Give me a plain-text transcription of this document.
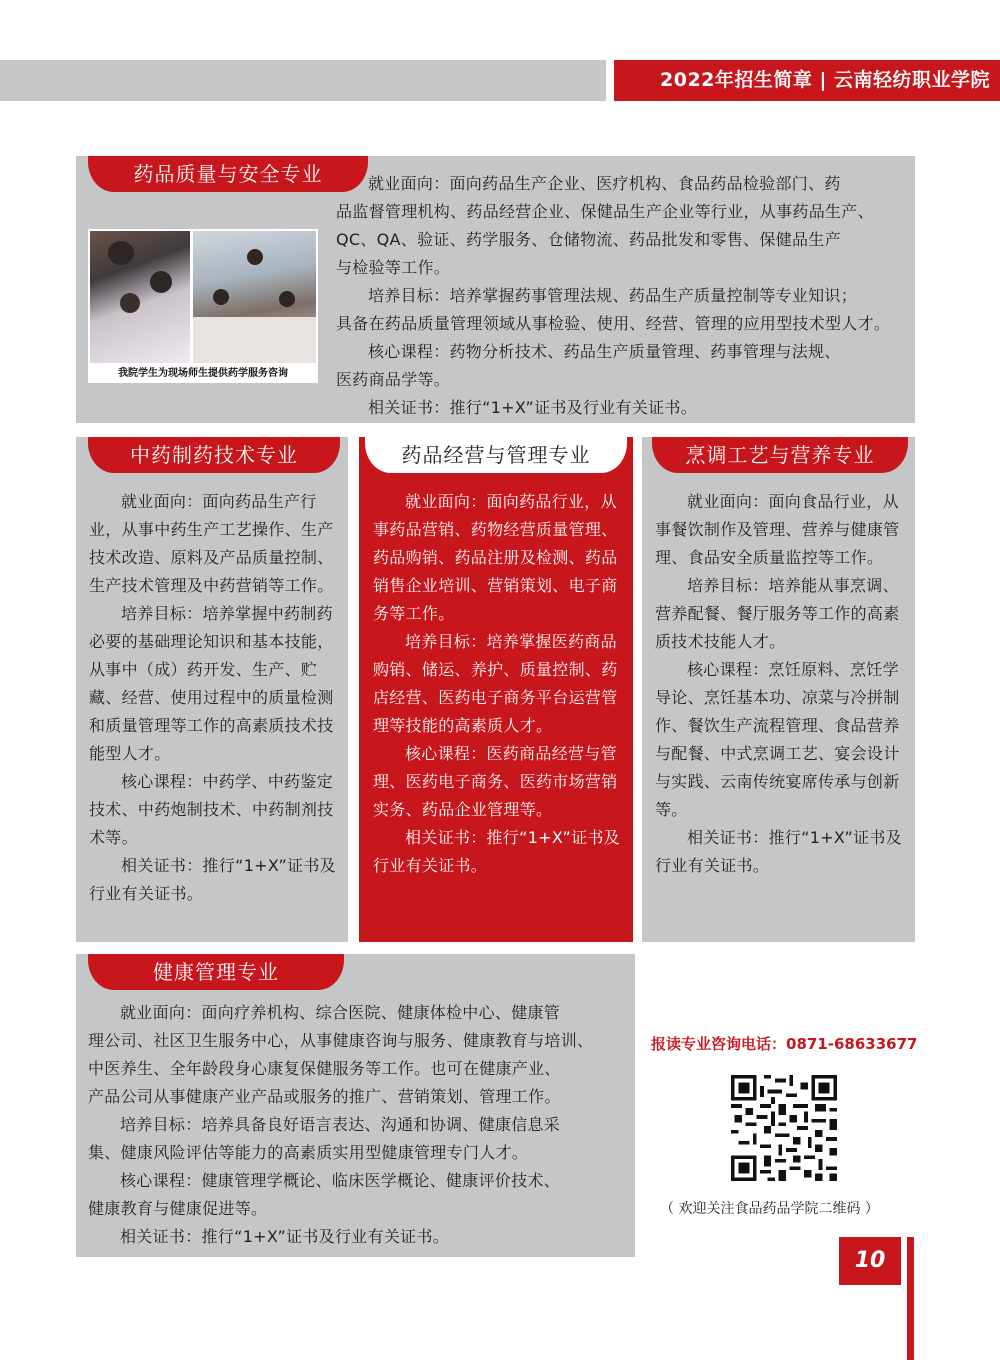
2022年招生简章 | 云南轻纺职业学院
药品质量与安全专业
我院学生为现场师生提供药学服务咨询
就业面向：面向药品生产企业、医疗机构、食品药品检验部门、药
品监督管理机构、药品经营企业、保健品生产企业等行业，从事药品生产、
QC、QA、验证、药学服务、仓储物流、药品批发和零售、保健品生产
与检验等工作。
培养目标：培养掌握药事管理法规、药品生产质量控制等专业知识；
具备在药品质量管理领域从事检验、使用、经营、管理的应用型技术型人才。
核心课程：药物分析技术、药品生产质量管理、药事管理与法规、
医药商品学等。
相关证书：推行“1+X”证书及行业有关证书。
中药制药技术专业

就业面向：面向药品生产行业，从事中药生产工艺操作、生产技术改造、原料及产品质量控制、生产技术管理及中药营销等工作。

培养目标：培养掌握中药制药必要的基础理论知识和基本技能，从事中（成）药开发、生产、贮藏、经营、使用过程中的质量检测和质量管理等工作的高素质技术技能型人才。

核心课程：中药学、中药鉴定技术、中药炮制技术、中药制剂技术等。

相关证书：推行“1+X”证书及行业有关证书。

药品经营与管理专业

就业面向：面向药品行业，从事药品营销、药物经营质量管理、药品购销、药品注册及检测、药品销售企业培训、营销策划、电子商务等工作。

培养目标：培养掌握医药商品购销、储运、养护、质量控制、药店经营、医药电子商务平台运营管理等技能的高素质人才。

核心课程：医药商品经营与管理、医药电子商务、医药市场营销实务、药品企业管理等。

相关证书：推行“1+X”证书及行业有关证书。

烹调工艺与营养专业

就业面向：面向食品行业，从事餐饮制作及管理、营养与健康管理、食品安全质量监控等工作。

培养目标：培养能从事烹调、营养配餐、餐厅服务等工作的高素质技术技能人才。

核心课程：烹饪原料、烹饪学导论、烹饪基本功、凉菜与冷拼制作、餐饮生产流程管理、食品营养与配餐、中式烹调工艺、宴会设计与实践、云南传统宴席传承与创新等。

相关证书：推行“1+X”证书及行业有关证书。

健康管理专业
就业面向：面向疗养机构、综合医院、健康体检中心、健康管
理公司、社区卫生服务中心，从事健康咨询与服务、健康教育与培训、
中医养生、全年龄段身心康复保健服务等工作。也可在健康产业、
产品公司从事健康产业产品或服务的推广、营销策划、管理工作。
培养目标：培养具备良好语言表达、沟通和协调、健康信息采
集、健康风险评估等能力的高素质实用型健康管理专门人才。
核心课程：健康管理学概论、临床医学概论、健康评价技术、
健康教育与健康促进等。
相关证书：推行“1+X”证书及行业有关证书。
报读专业咨询电话：0871-68633677
（ 欢迎关注食品药品学院二维码 ）
10
